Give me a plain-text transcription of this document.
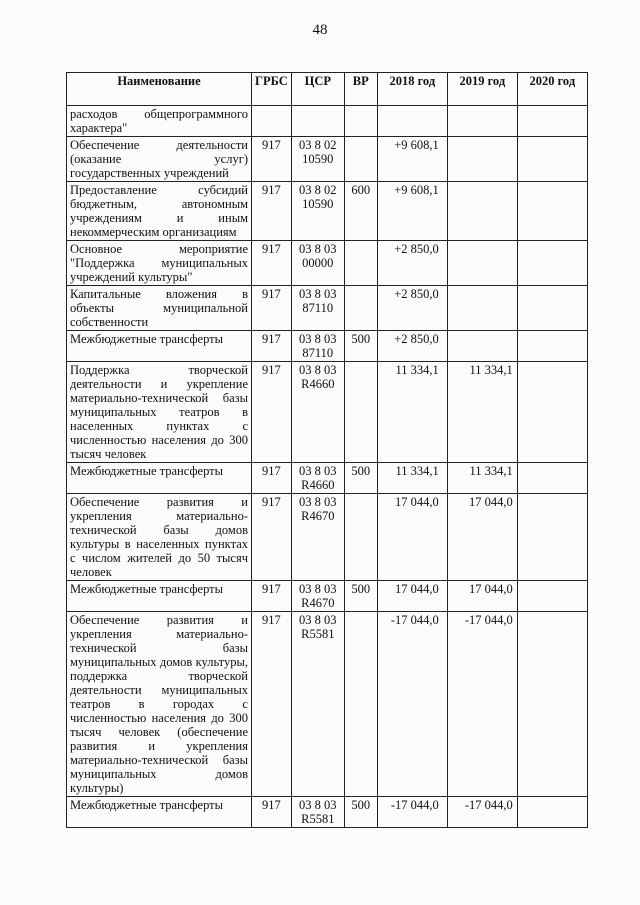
48
Наименование	ГРБС	ЦСР	ВР	2018 год	2019 год	2020 год
расходов общепрограммного характера"						
Обеспечение деятельности (оказание услуг) государственных учреждений	917	03 8 02 10590		+9 608,1		
Предоставление субсидий бюджетным, автономным учреждениям и иным некоммерческим организациям	917	03 8 02 10590	600	+9 608,1		
Основное мероприятие "Поддержка муниципальных учреждений культуры"	917	03 8 03 00000		+2 850,0		
Капитальные вложения в объекты муниципальной собственности	917	03 8 03 87110		+2 850,0		
Межбюджетные трансферты	917	03 8 03 87110	500	+2 850,0		
Поддержка творческой деятельности и укрепление материально-технической базы муниципальных театров в населенных пунктах с численностью населения до 300 тысяч человек	917	03 8 03 R4660		11 334,1	11 334,1	
Межбюджетные трансферты	917	03 8 03 R4660	500	11 334,1	11 334,1	
Обеспечение развития и укрепления материально-технической базы домов культуры в населенных пунктах с числом жителей до 50 тысяч человек	917	03 8 03 R4670		17 044,0	17 044,0	
Межбюджетные трансферты	917	03 8 03 R4670	500	17 044,0	17 044,0	
Обеспечение развития и укрепления материально-технической базы муниципальных домов культуры, поддержка творческой деятельности муниципальных театров в городах с численностью населения до 300 тысяч человек (обеспечение развития и укрепления материально-технической базы муниципальных домов культуры)	917	03 8 03 R5581		-17 044,0	-17 044,0	
Межбюджетные трансферты	917	03 8 03 R5581	500	-17 044,0	-17 044,0	
